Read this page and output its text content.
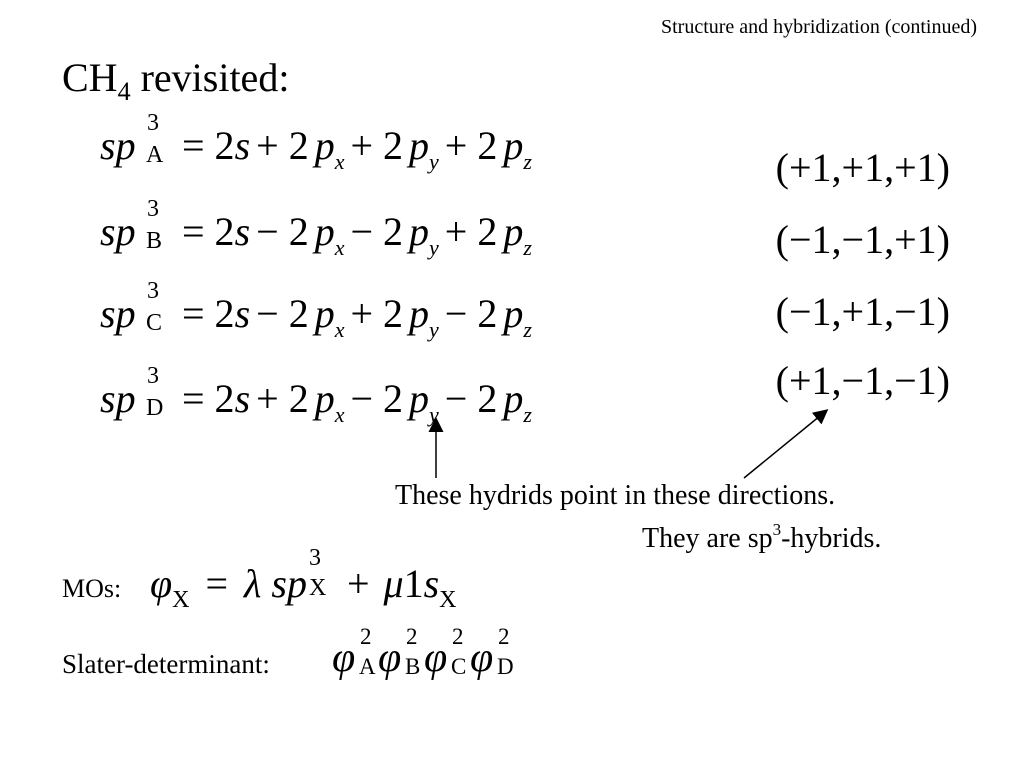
Structure and hybridization (continued)
$CH_4$ revisited:
sp 3
A = 2s + 2 $p_x + 2$ $p_y + 2$ $p_z$
sp 3
B = 2s − 2 $p_x - 2$ $p_y + 2$ $p_z$
sp 3
C = 2s − 2 $p_x + 2$ $p_y - 2$ $p_z$
sp 3
D = 2s + 2 $p_x - 2$ $p_y - 2$ $p_z$
(+1,+1,+1)
(−1,−1,+1)
(−1,+1,−1)
(+1,−1,−1)
These hydrids point in these directions.
They are $sp^3$-hybrids.
MOs: $\varphi_X = \lambda$ sp
3
$X + \mu 1s_X$
Slater-determinant: φ 2
A φ 2
B φ 2
C φ 2
D
